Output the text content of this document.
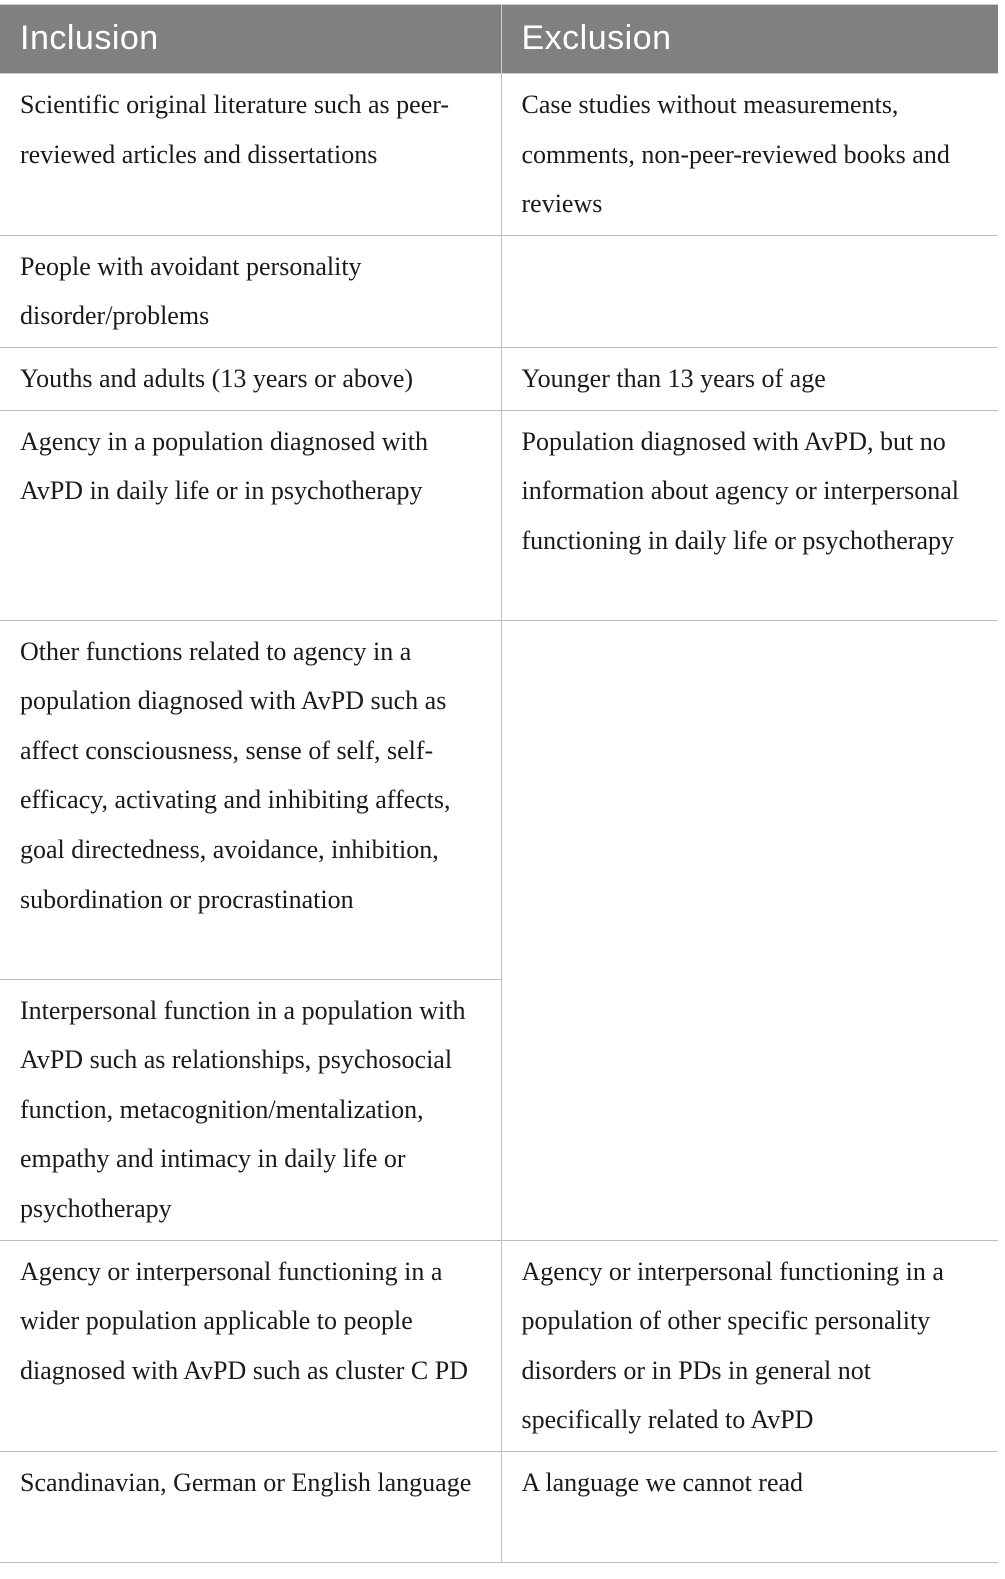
Inclusion	Exclusion
Scientific original literature such as peer-reviewed articles and dissertations	Case studies without measurements, comments, non-peer-reviewed books and reviews
People with avoidant personality disorder/problems	
Youths and adults (13 years or above)	Younger than 13 years of age
Agency in a population diagnosed with AvPD in daily life or in psychotherapy	Population diagnosed with AvPD, but no information about agency or interpersonal functioning in daily life or psychotherapy
Other functions related to agency in a population diagnosed with AvPD such as affect consciousness, sense of self, self-efficacy, activating and inhibiting affects, goal directedness, avoidance, inhibition, subordination or procrastination	
Interpersonal function in a population with AvPD such as relationships, psychosocial function, metacognition/mentalization, empathy and intimacy in daily life or psychotherapy	
Agency or interpersonal functioning in a wider population applicable to people diagnosed with AvPD such as cluster C PD	Agency or interpersonal functioning in a population of other specific personality disorders or in PDs in general not specifically related to AvPD
Scandinavian, German or English language	A language we cannot read
